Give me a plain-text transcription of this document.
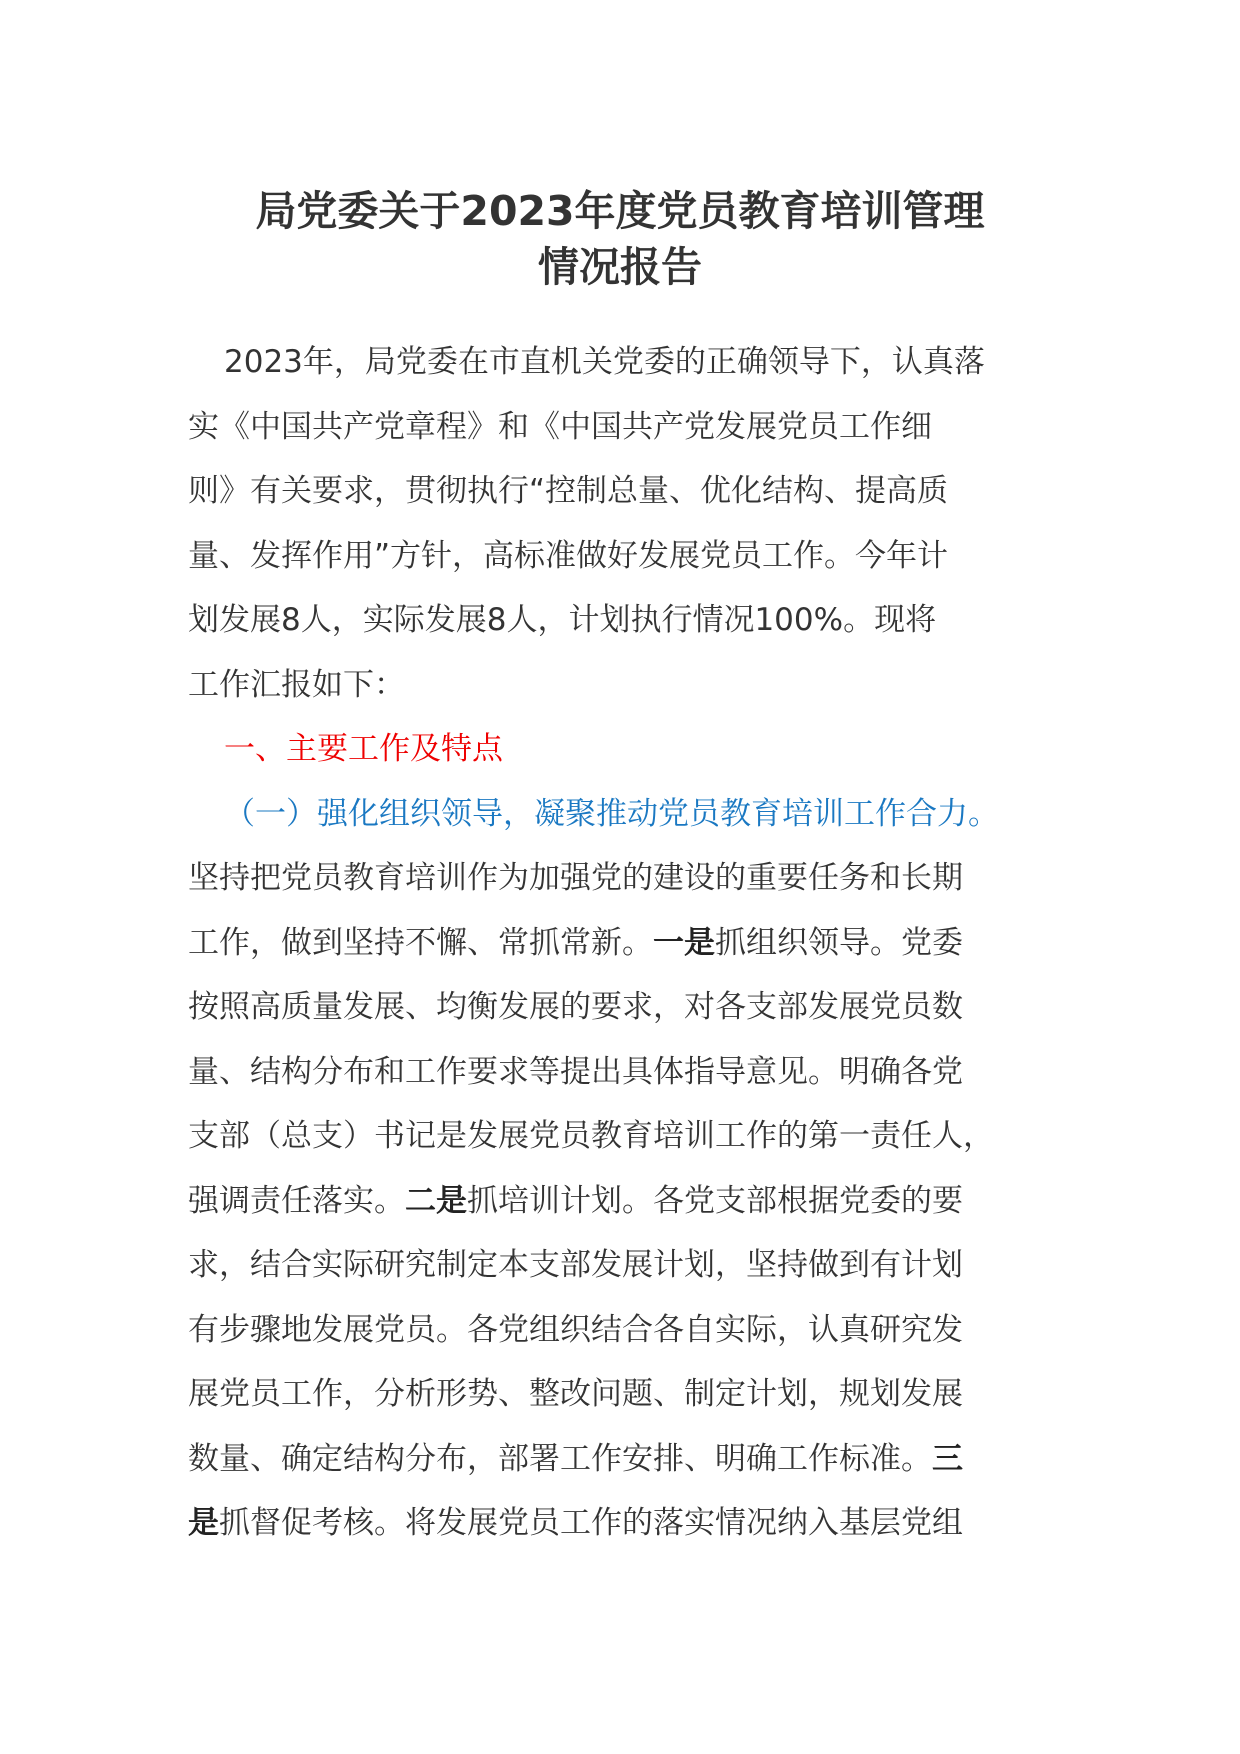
局党委关于2023年度党员教育培训管理
情况报告
2023年，局党委在市直机关党委的正确领导下，认真落
实《中国共产党章程》和《中国共产党发展党员工作细
则》有关要求，贯彻执行“控制总量、优化结构、提高质
量、发挥作用”方针，高标准做好发展党员工作。今年计
划发展8人，实际发展8人，计划执行情况100%。现将
工作汇报如下：
一、主要工作及特点
（一）强化组织领导，凝聚推动党员教育培训工作合力。
坚持把党员教育培训作为加强党的建设的重要任务和长期
工作，做到坚持不懈、常抓常新。一是抓组织领导。党委
按照高质量发展、均衡发展的要求，对各支部发展党员数
量、结构分布和工作要求等提出具体指导意见。明确各党
支部（总支）书记是发展党员教育培训工作的第一责任人，
强调责任落实。二是抓培训计划。各党支部根据党委的要
求，结合实际研究制定本支部发展计划，坚持做到有计划
有步骤地发展党员。各党组织结合各自实际，认真研究发
展党员工作，分析形势、整改问题、制定计划，规划发展
数量、确定结构分布，部署工作安排、明确工作标准。三
是抓督促考核。将发展党员工作的落实情况纳入基层党组
